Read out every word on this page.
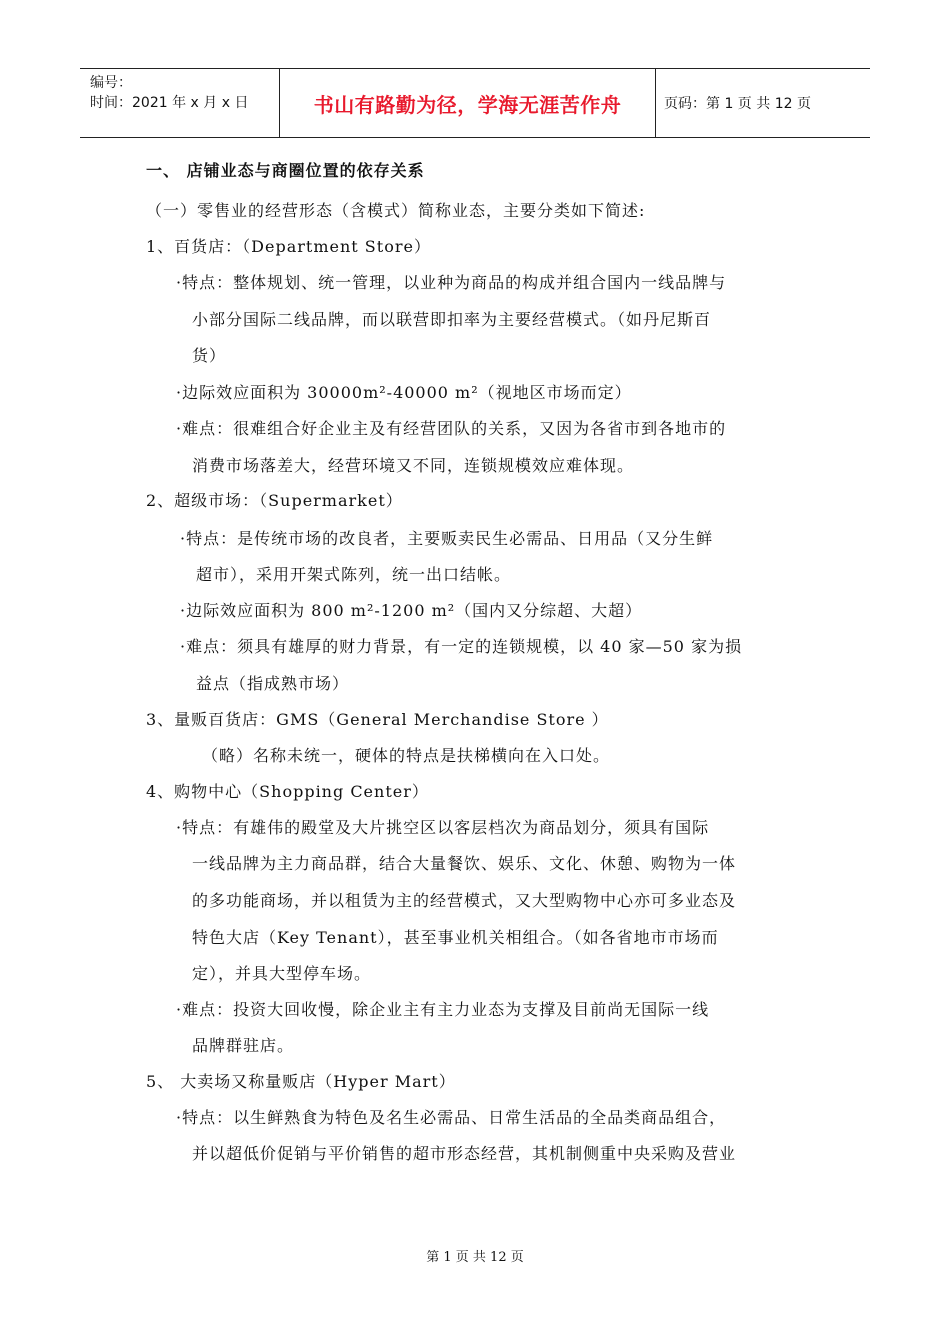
编号：
时间：2021 年 x 月 x 日	书山有路勤为径，学海无涯苦作舟	页码：第 1 页 共 12 页
一、 店铺业态与商圈位置的依存关系
（一）零售业的经营形态（含模式）简称业态，主要分类如下简述:
1、百货店：（Department Store）
·特点：整体规划、统一管理，以业种为商品的构成并组合国内一线品牌与
小部分国际二线品牌，而以联营即扣率为主要经营模式。（如丹尼斯百
货）
·边际效应面积为 30000m²-40000 m²（视地区市场而定）
·难点：很难组合好企业主及有经营团队的关系，又因为各省市到各地市的
消费市场落差大，经营环境又不同，连锁规模效应难体现。
2、超级市场：（Supermarket）
·特点：是传统市场的改良者，主要贩卖民生必需品、日用品（又分生鲜
超市），采用开架式陈列，统一出口结帐。
·边际效应面积为 800 m²-1200 m²（国内又分综超、大超）
·难点：须具有雄厚的财力背景，有一定的连锁规模，以 40 家—50 家为损
益点（指成熟市场）
3、量贩百货店：GMS（General Merchandise Store ）
（略）名称未统一，硬体的特点是扶梯横向在入口处。
4、购物中心（Shopping Center）
·特点：有雄伟的殿堂及大片挑空区以客层档次为商品划分，须具有国际
一线品牌为主力商品群，结合大量餐饮、娱乐、文化、休憩、购物为一体
的多功能商场，并以租赁为主的经营模式，又大型购物中心亦可多业态及
特色大店（Key Tenant），甚至事业机关相组合。（如各省地市市场而
定），并具大型停车场。
·难点：投资大回收慢，除企业主有主力业态为支撑及目前尚无国际一线
品牌群驻店。
5、 大卖场又称量贩店（Hyper Mart）
·特点：以生鲜熟食为特色及名生必需品、日常生活品的全品类商品组合，
并以超低价促销与平价销售的超市形态经营，其机制侧重中央采购及营业
第 1 页 共 12 页
